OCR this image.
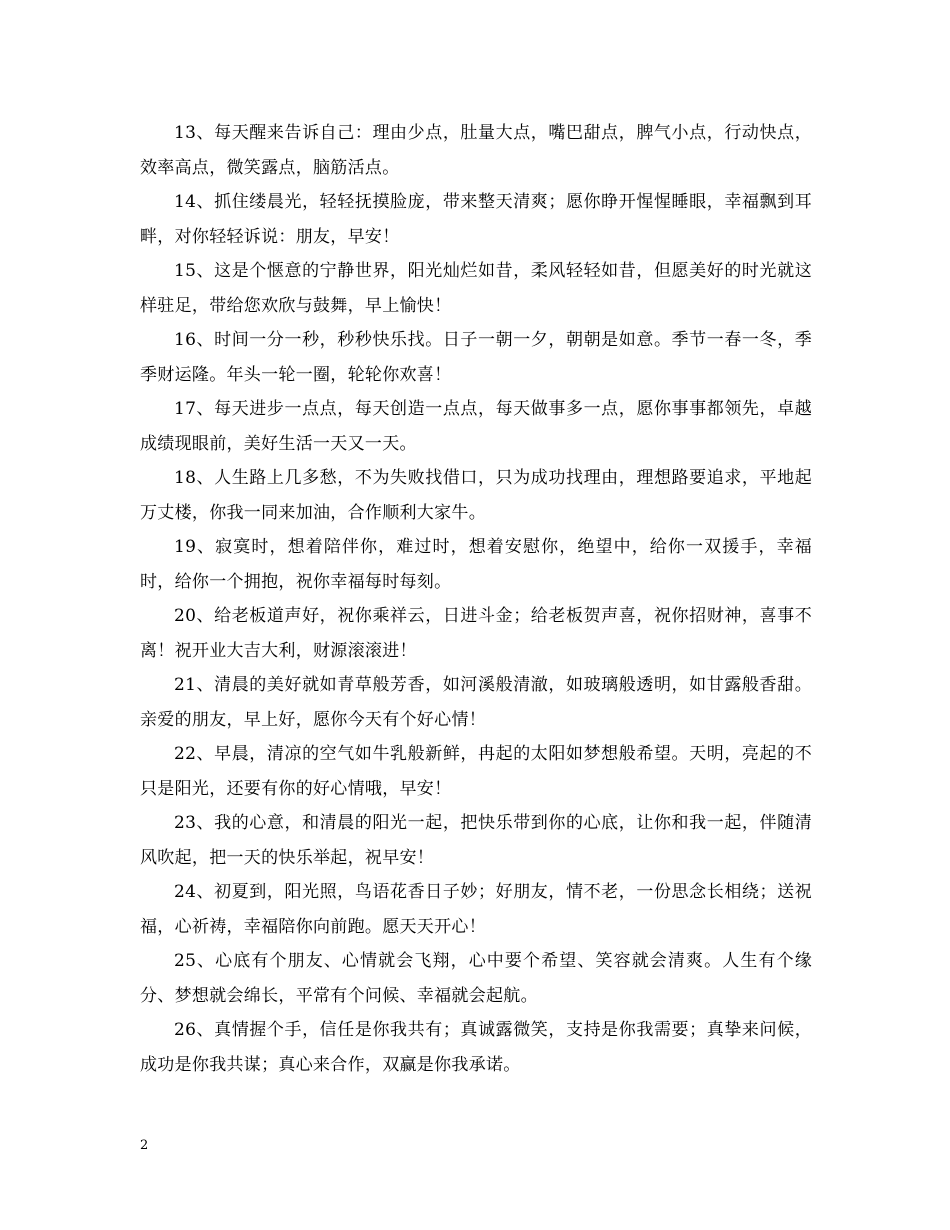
13、每天醒来告诉自己：理由少点，肚量大点，嘴巴甜点，脾气小点，行动快点，效率高点，微笑露点，脑筋活点。

14、抓住缕晨光，轻轻抚摸脸庞，带来整天清爽；愿你睁开惺惺睡眼，幸福飘到耳畔，对你轻轻诉说：朋友，早安！

15、这是个惬意的宁静世界，阳光灿烂如昔，柔风轻轻如昔，但愿美好的时光就这样驻足，带给您欢欣与鼓舞，早上愉快！

16、时间一分一秒，秒秒快乐找。日子一朝一夕，朝朝是如意。季节一春一冬，季季财运隆。年头一轮一圈，轮轮你欢喜！

17、每天进步一点点，每天创造一点点，每天做事多一点，愿你事事都领先，卓越成绩现眼前，美好生活一天又一天。

18、人生路上几多愁，不为失败找借口，只为成功找理由，理想路要追求，平地起万丈楼，你我一同来加油，合作顺利大家牛。

19、寂寞时，想着陪伴你，难过时，想着安慰你，绝望中，给你一双援手，幸福时，给你一个拥抱，祝你幸福每时每刻。

20、给老板道声好，祝你乘祥云，日进斗金；给老板贺声喜，祝你招财神，喜事不离！祝开业大吉大利，财源滚滚进！

21、清晨的美好就如青草般芳香，如河溪般清澈，如玻璃般透明，如甘露般香甜。亲爱的朋友，早上好，愿你今天有个好心情！

22、早晨，清凉的空气如牛乳般新鲜，冉起的太阳如梦想般希望。天明，亮起的不只是阳光，还要有你的好心情哦，早安！

23、我的心意，和清晨的阳光一起，把快乐带到你的心底，让你和我一起，伴随清风吹起，把一天的快乐举起，祝早安！

24、初夏到，阳光照，鸟语花香日子妙；好朋友，情不老，一份思念长相绕；送祝福，心祈祷，幸福陪你向前跑。愿天天开心！

25、心底有个朋友、心情就会飞翔，心中要个希望、笑容就会清爽。人生有个缘分、梦想就会绵长，平常有个问候、幸福就会起航。

26、真情握个手，信任是你我共有；真诚露微笑，支持是你我需要；真挚来问候，成功是你我共谋；真心来合作，双赢是你我承诺。

2
